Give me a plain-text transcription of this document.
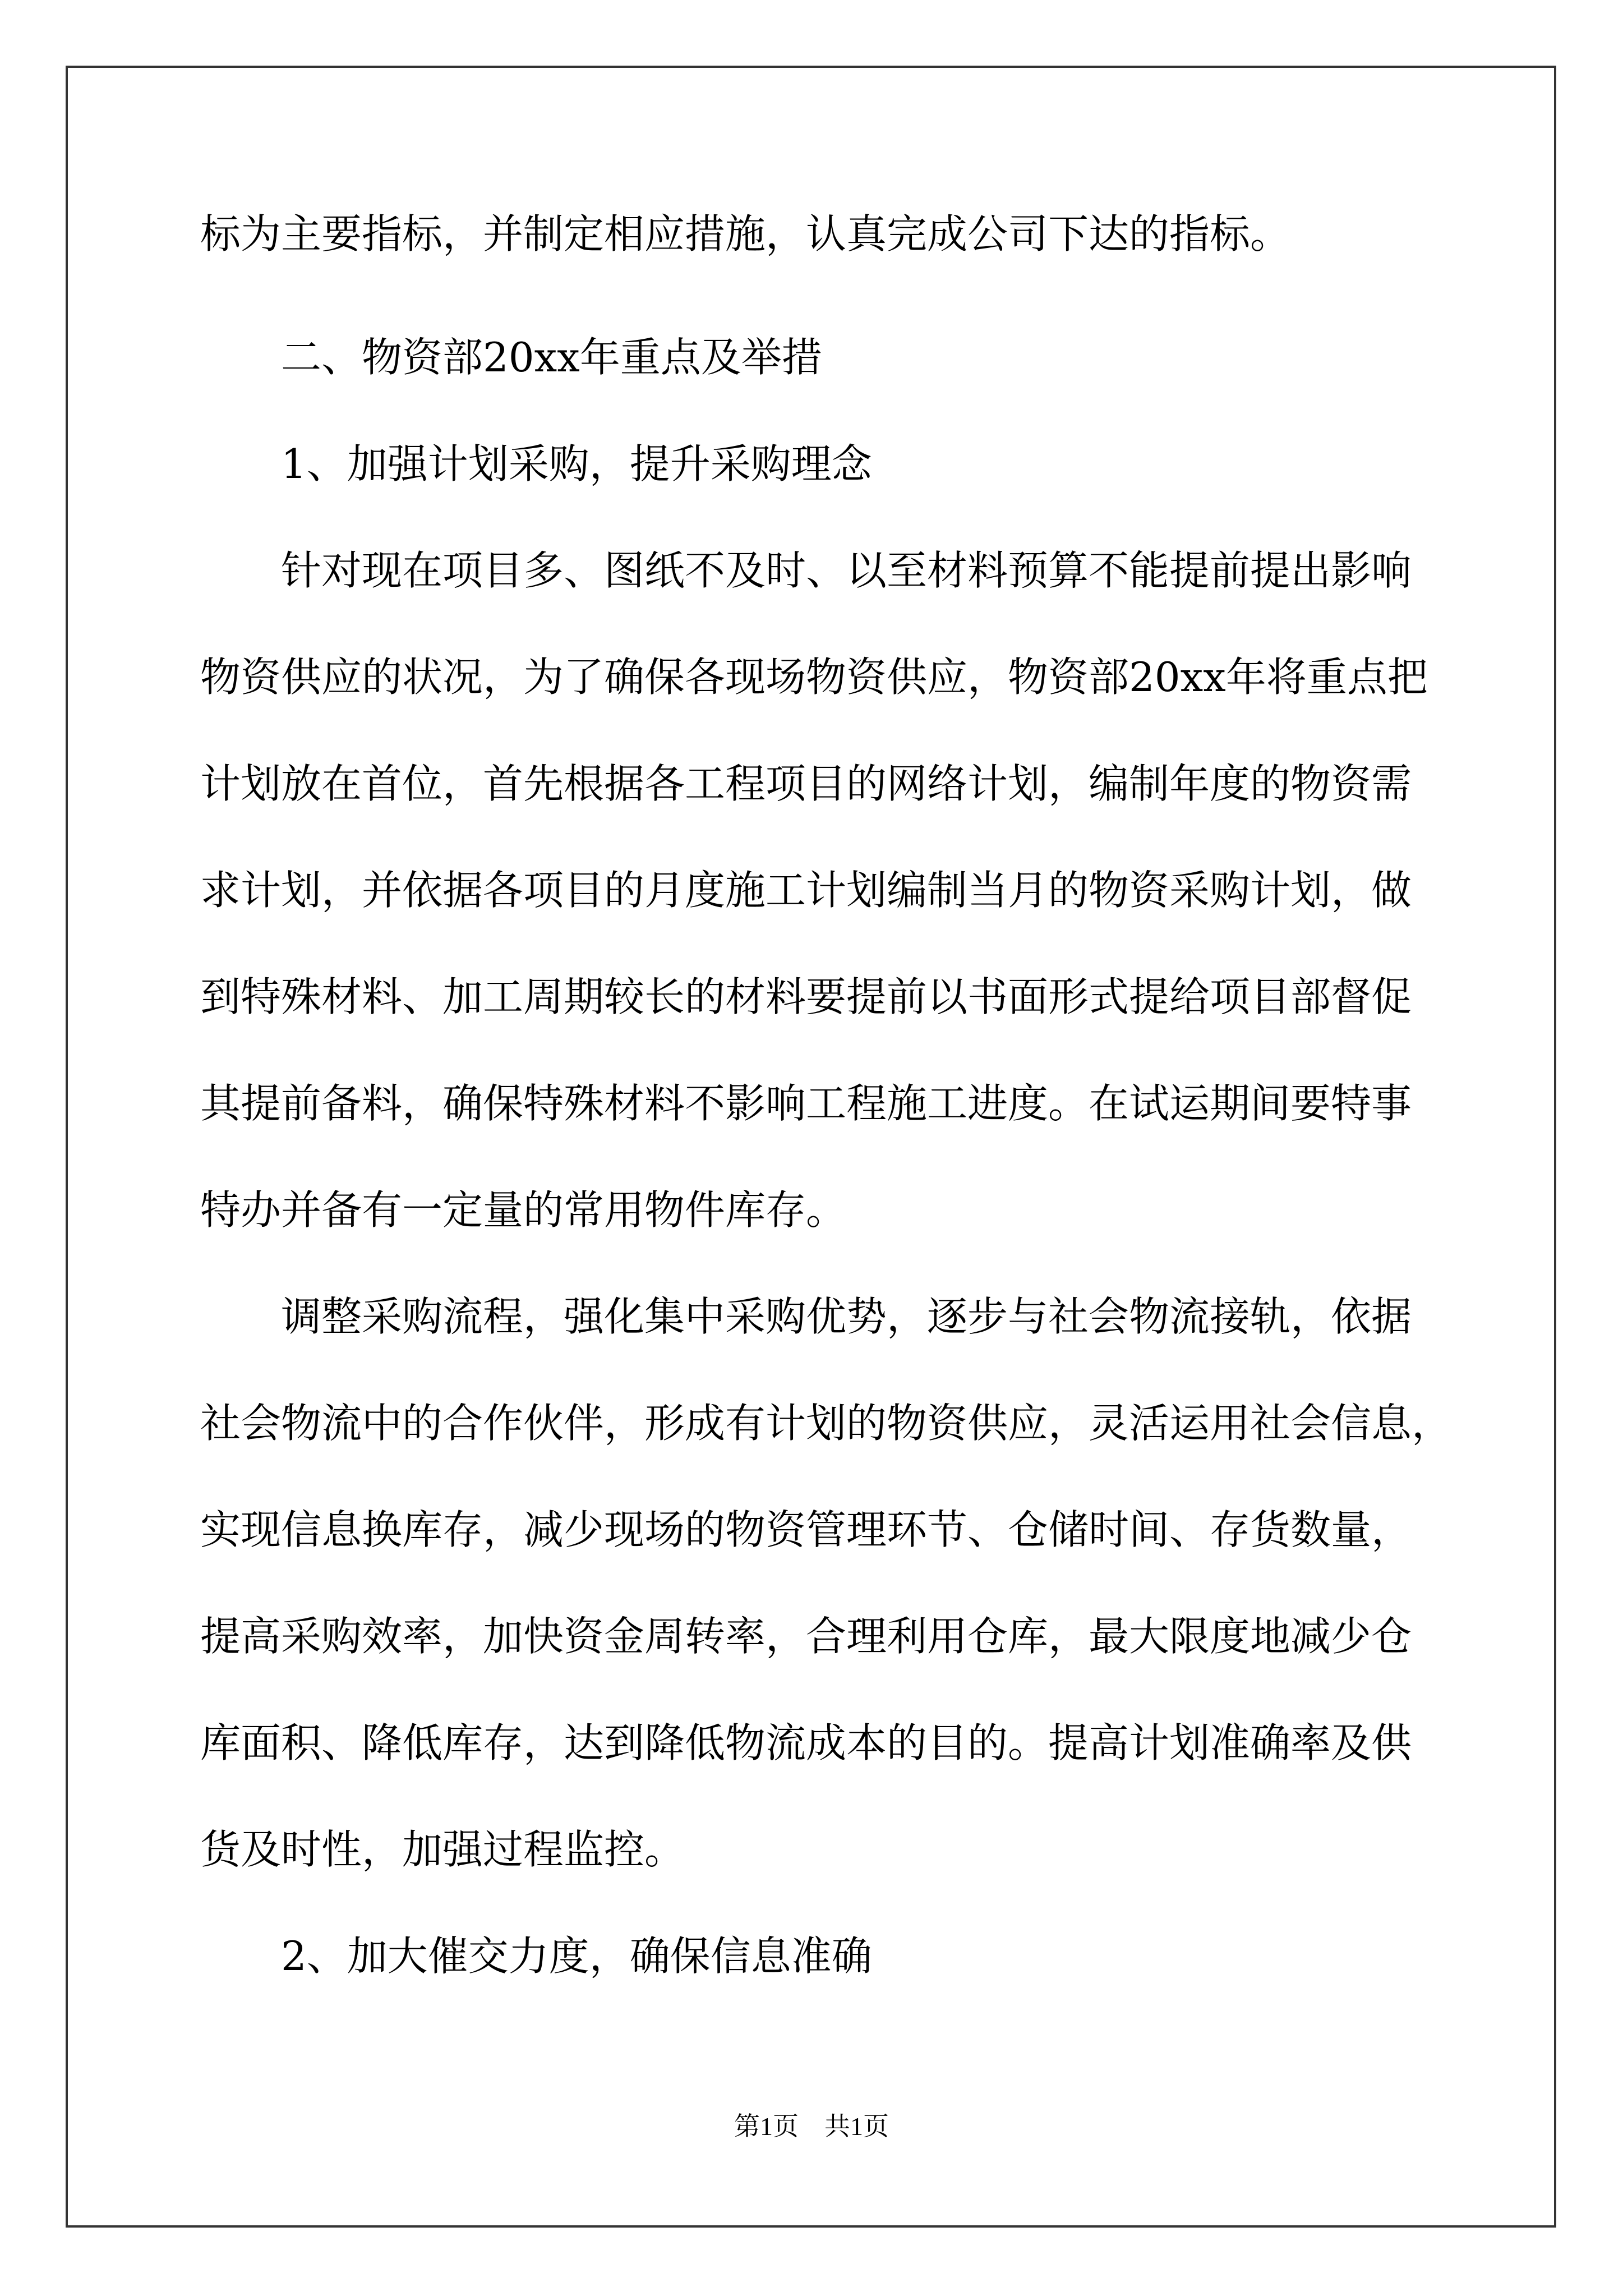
标为主要指标，并制定相应措施，认真完成公司下达的指标。
　　二、物资部20xx年重点及举措
　　1、加强计划采购，提升采购理念
　　针对现在项目多、图纸不及时、以至材料预算不能提前提出影响
物资供应的状况，为了确保各现场物资供应，物资部20xx年将重点把
计划放在首位，首先根据各工程项目的网络计划，编制年度的物资需
求计划，并依据各项目的月度施工计划编制当月的物资采购计划，做
到特殊材料、加工周期较长的材料要提前以书面形式提给项目部督促
其提前备料，确保特殊材料不影响工程施工进度。在试运期间要特事
特办并备有一定量的常用物件库存。
　　调整采购流程，强化集中采购优势，逐步与社会物流接轨，依据
社会物流中的合作伙伴，形成有计划的物资供应，灵活运用社会信息，
实现信息换库存，减少现场的物资管理环节、仓储时间、存货数量，
提高采购效率，加快资金周转率，合理利用仓库，最大限度地减少仓
库面积、降低库存，达到降低物流成本的目的。提高计划准确率及供
货及时性，加强过程监控。
　　2、加大催交力度，确保信息准确
第1页　共1页
